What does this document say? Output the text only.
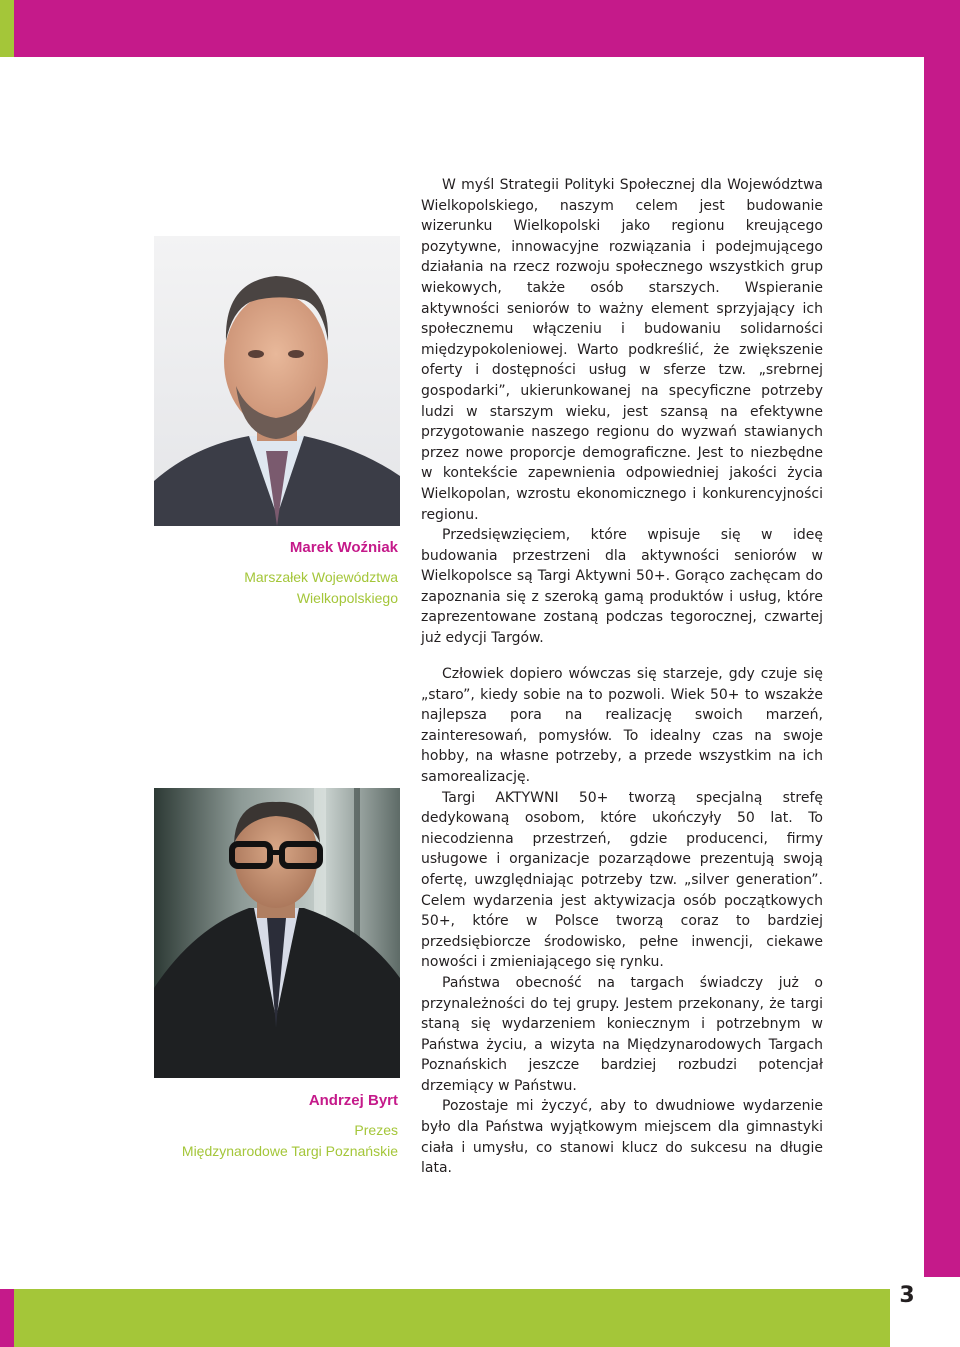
3
Marek Woźniak
Marszałek Województwa
Wielkopolskiego

W myśl Strategii Polityki Społecznej dla Województwa Wielkopolskiego, naszym celem jest budowanie wizerunku Wielkopolski jako regionu kreującego pozytywne, innowacyjne rozwiązania i podejmującego działania na rzecz rozwoju społecznego wszystkich grup wiekowych, także osób starszych. Wspieranie aktywności seniorów to ważny element sprzyjający ich społecznemu włączeniu i budowaniu solidarności międzypokoleniowej. Warto podkreślić, że zwiększenie oferty i dostępności usług w sferze tzw. „srebrnej gospodarki”, ukierunkowanej na specyficzne potrzeby ludzi w starszym wieku, jest szansą na efektywne przygotowanie naszego regionu do wyzwań stawianych przez nowe proporcje demograficzne. Jest to niezbędne w kontekście zapewnienia odpowiedniej jakości życia Wielkopolan, wzrostu ekonomicznego i konkurencyjności regionu.

Przedsięwzięciem, które wpisuje się w ideę budowania przestrzeni dla aktywności seniorów w Wielkopolsce są Targi Aktywni 50+. Gorąco zachęcam do zapoznania się z szeroką gamą produktów i usług, które zaprezentowane zostaną podczas tegorocznej, czwartej już edycji Targów.

Andrzej Byrt
Prezes
Międzynarodowe Targi Poznańskie

Człowiek dopiero wówczas się starzeje, gdy czuje się „staro”, kiedy sobie na to pozwoli. Wiek 50+ to wszakże najlepsza pora na realizację swoich marzeń, zainteresowań, pomysłów. To idealny czas na swoje hobby, na własne potrzeby, a przede wszystkim na ich samorealizację.

Targi AKTYWNI 50+ tworzą specjalną strefę dedykowaną osobom, które ukończyły 50 lat. To niecodzienna przestrzeń, gdzie producenci, firmy usługowe i organizacje pozarządowe prezentują swoją ofertę, uwzględniając potrzeby tzw. „silver generation”. Celem wydarzenia jest aktywizacja osób początkowych 50+, które w Polsce tworzą coraz to bardziej przedsiębiorcze środowisko, pełne inwencji, ciekawe nowości i zmieniającego się rynku.

Państwa obecność na targach świadczy już o przynależności do tej grupy. Jestem przekonany, że targi staną się wydarzeniem koniecznym i potrzebnym w Państwa życiu, a wizyta na Międzynarodowych Targach Poznańskich jeszcze bardziej rozbudzi potencjał drzemiący w Państwu.

Pozostaje mi życzyć, aby to dwudniowe wydarzenie było dla Państwa wyjątkowym miejscem dla gimnastyki ciała i umysłu, co stanowi klucz do sukcesu na długie lata.
